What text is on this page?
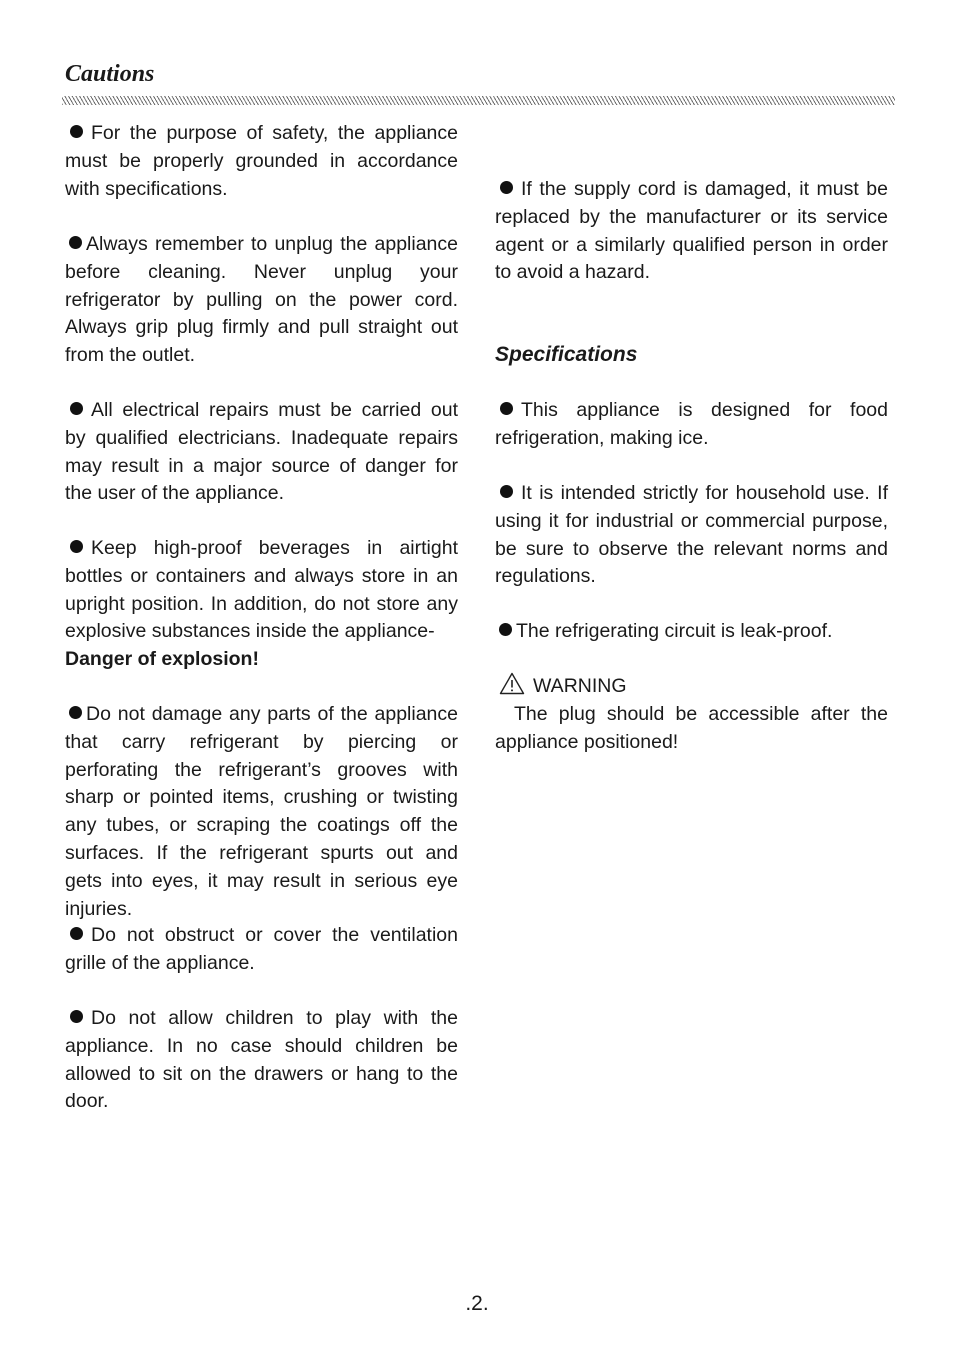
Cautions

For the purpose of safety, the appliance must be properly grounded in accordance with specifications.

Always remember to unplug the appliance before cleaning. Never unplug your refrigerator by pulling on the power cord. Always grip plug firmly and pull straight out from the outlet.

All electrical repairs must be carried out by qualified electricians. Inadequate repairs may result in a major source of danger for the user of the appliance.

Keep high-proof beverages in airtight bottles or containers and always store in an upright position. In addition, do not store any explosive substances inside the appliance-
Danger of explosion!

Do not damage any parts of the appliance that carry refrigerant by piercing or perforating the refrigerant’s grooves with sharp or pointed items, crushing or twisting any tubes, or scraping the coatings off the surfaces. If the refrigerant spurts out and gets into eyes, it may result in serious eye injuries.

Do not obstruct or cover the ventilation grille of the appliance.

Do not allow children to play with the appliance. In no case should children be allowed to sit on the drawers or hang to the door.

If the supply cord is damaged, it must be replaced by the manufacturer or its service agent or a similarly qualified person in order to avoid a hazard.

Specifications

This appliance is designed for food refrigeration, making ice.

It is intended strictly for household use. If using it for industrial or commercial purpose, be sure to observe the relevant norms and regulations.

The refrigerating circuit is leak-proof.

WARNING

The plug should be accessible after the appliance positioned!

.2.
